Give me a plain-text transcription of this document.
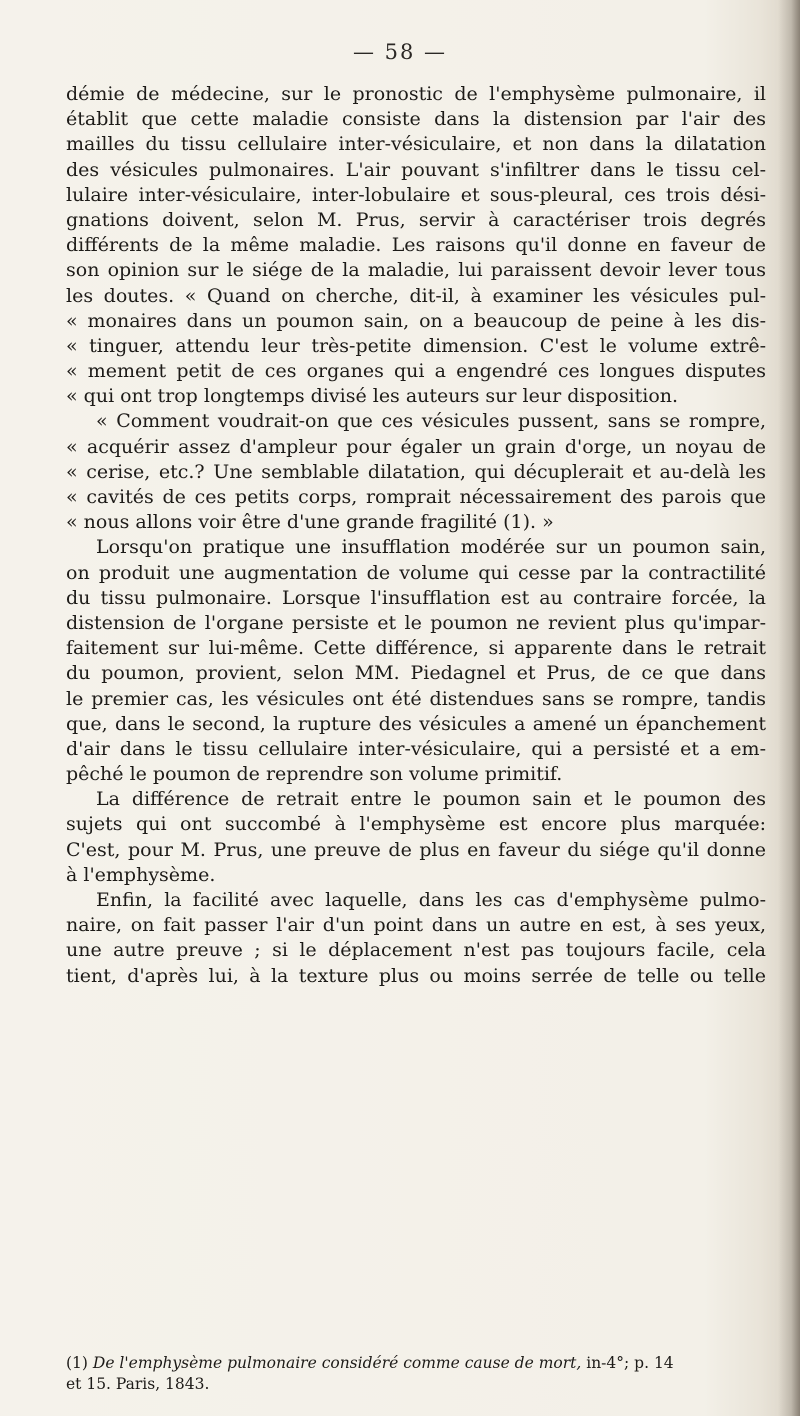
— 58 —
démie de médecine, sur le pronostic de l'emphysème pulmonaire, il
établit que cette maladie consiste dans la distension par l'air des
mailles du tissu cellulaire inter-vésiculaire, et non dans la dilatation
des vésicules pulmonaires. L'air pouvant s'infiltrer dans le tissu cel-
lulaire inter-vésiculaire, inter-lobulaire et sous-pleural, ces trois dési-
gnations doivent, selon M. Prus, servir à caractériser trois degrés
différents de la même maladie. Les raisons qu'il donne en faveur de
son opinion sur le siége de la maladie, lui paraissent devoir lever tous
les doutes. « Quand on cherche, dit-il, à examiner les vésicules pul-
« monaires dans un poumon sain, on a beaucoup de peine à les dis-
« tinguer, attendu leur très-petite dimension. C'est le volume extrê-
« mement petit de ces organes qui a engendré ces longues disputes
« qui ont trop longtemps divisé les auteurs sur leur disposition.
« Comment voudrait-on que ces vésicules pussent, sans se rompre,
« acquérir assez d'ampleur pour égaler un grain d'orge, un noyau de
« cerise, etc.? Une semblable dilatation, qui décuplerait et au-delà les
« cavités de ces petits corps, romprait nécessairement des parois que
« nous allons voir être d'une grande fragilité (1). »
Lorsqu'on pratique une insufflation modérée sur un poumon sain,
on produit une augmentation de volume qui cesse par la contractilité
du tissu pulmonaire. Lorsque l'insufflation est au contraire forcée, la
distension de l'organe persiste et le poumon ne revient plus qu'impar-
faitement sur lui-même. Cette différence, si apparente dans le retrait
du poumon, provient, selon MM. Piedagnel et Prus, de ce que dans
le premier cas, les vésicules ont été distendues sans se rompre, tandis
que, dans le second, la rupture des vésicules a amené un épanchement
d'air dans le tissu cellulaire inter-vésiculaire, qui a persisté et a em-
pêché le poumon de reprendre son volume primitif.
La différence de retrait entre le poumon sain et le poumon des
sujets qui ont succombé à l'emphysème est encore plus marquée:
C'est, pour M. Prus, une preuve de plus en faveur du siége qu'il donne
à l'emphysème.
Enfin, la facilité avec laquelle, dans les cas d'emphysème pulmo-
naire, on fait passer l'air d'un point dans un autre en est, à ses yeux,
une autre preuve ; si le déplacement n'est pas toujours facile, cela
tient, d'après lui, à la texture plus ou moins serrée de telle ou telle
(1) De l'emphysème pulmonaire considéré comme cause de mort, in-4°; p. 14
et 15. Paris, 1843.
